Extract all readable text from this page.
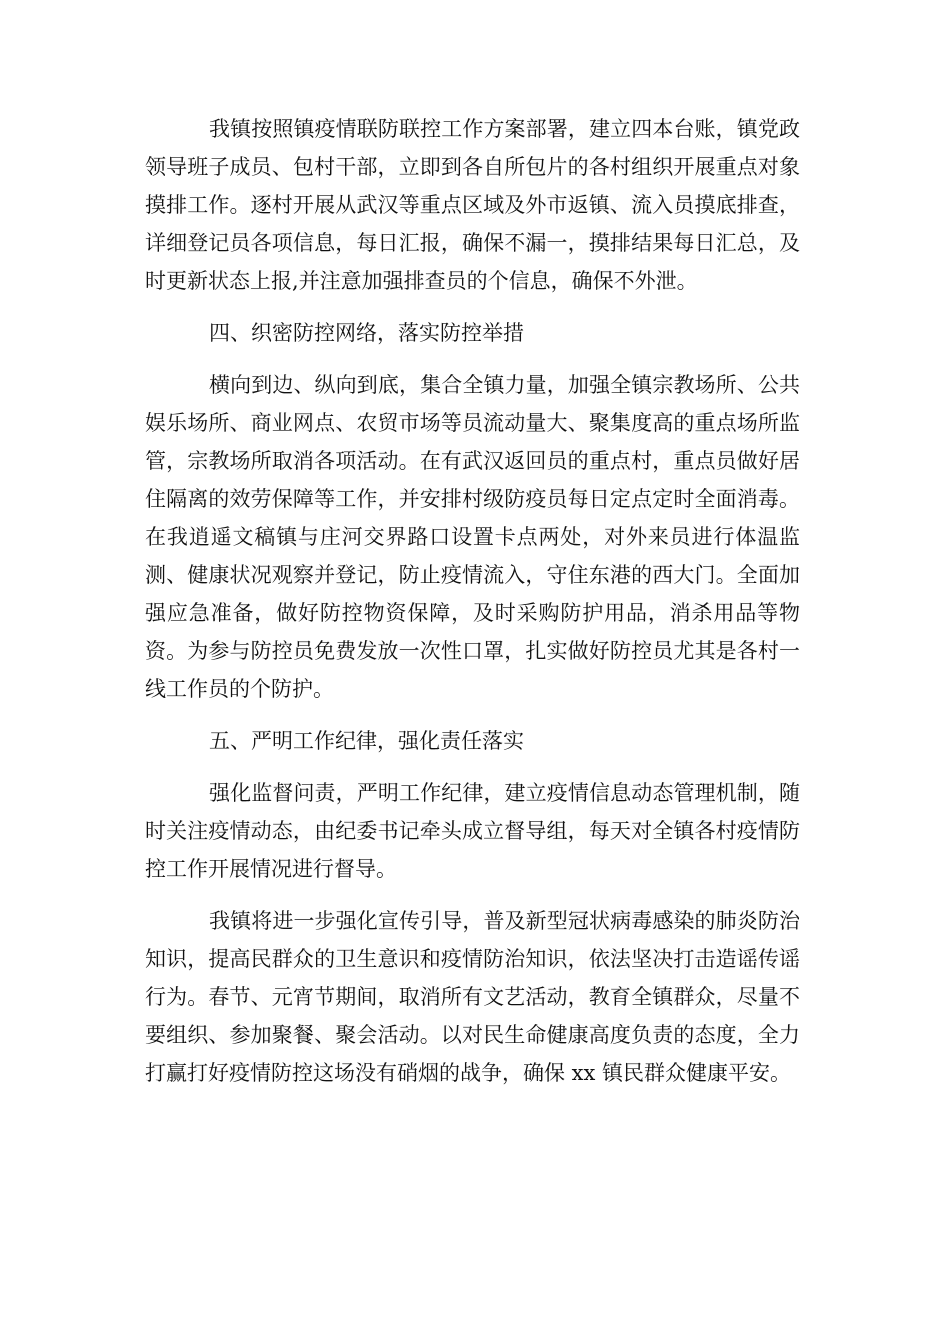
我镇按照镇疫情联防联控工作方案部署，建立四本台账，镇党政领导班子成员、包村干部，立即到各自所包片的各村组织开展重点对象摸排工作。逐村开展从武汉等重点区域及外市返镇、流入员摸底排查，详细登记员各项信息，每日汇报，确保不漏一，摸排结果每日汇总，及时更新状态上报,并注意加强排查员的个信息，确保不外泄。

四、织密防控网络，落实防控举措

横向到边、纵向到底，集合全镇力量，加强全镇宗教场所、公共娱乐场所、商业网点、农贸市场等员流动量大、聚集度高的重点场所监管，宗教场所取消各项活动。在有武汉返回员的重点村，重点员做好居住隔离的效劳保障等工作，并安排村级防疫员每日定点定时全面消毒。在我逍遥文稿镇与庄河交界路口设置卡点两处，对外来员进行体温监测、健康状况观察并登记，防止疫情流入，守住东港的西大门。全面加强应急准备，做好防控物资保障，及时采购防护用品，消杀用品等物资。为参与防控员免费发放一次性口罩，扎实做好防控员尤其是各村一线工作员的个防护。

五、严明工作纪律，强化责任落实

强化监督问责，严明工作纪律，建立疫情信息动态管理机制，随时关注疫情动态，由纪委书记牵头成立督导组，每天对全镇各村疫情防控工作开展情况进行督导。

我镇将进一步强化宣传引导，普及新型冠状病毒感染的肺炎防治知识，提高民群众的卫生意识和疫情防治知识，依法坚决打击造谣传谣行为。春节、元宵节期间，取消所有文艺活动，教育全镇群众，尽量不要组织、参加聚餐、聚会活动。以对民生命健康高度负责的态度，全力打赢打好疫情防控这场没有硝烟的战争，确保 xx 镇民群众健康平安。
